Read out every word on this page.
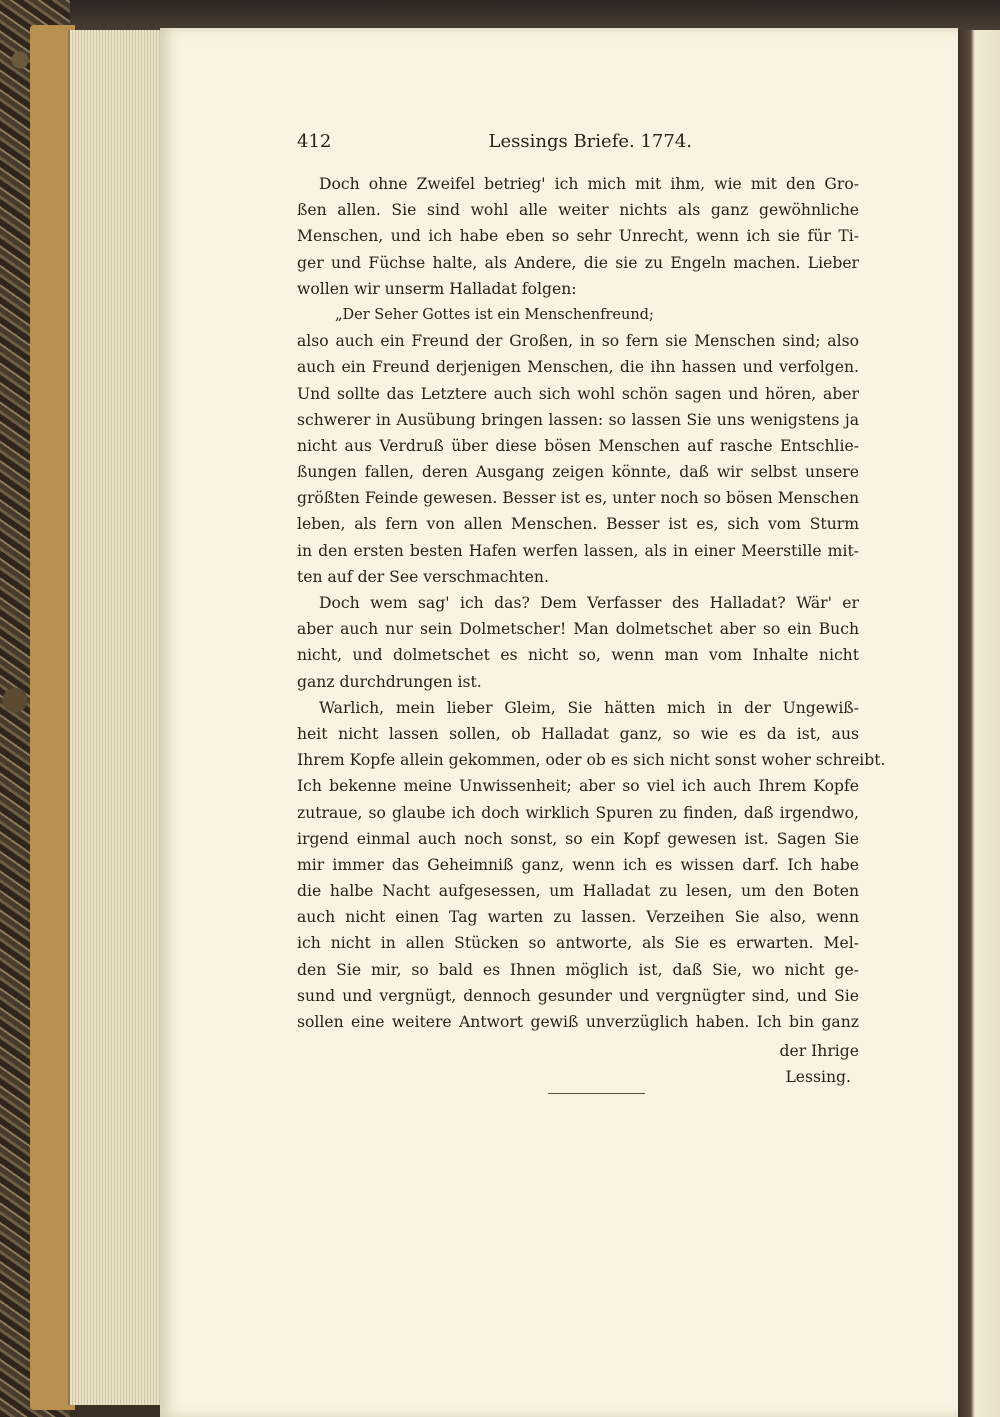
412	Lessings Briefe. 1774.
Doch ohne Zweifel betrieg' ich mich mit ihm, wie mit den Gro-
ßen allen. Sie sind wohl alle weiter nichts als ganz gewöhnliche
Menschen, und ich habe eben so sehr Unrecht, wenn ich sie für Ti-
ger und Füchse halte, als Andere, die sie zu Engeln machen. Lieber
wollen wir unserm Halladat folgen:
„Der Seher Gottes ist ein Menschenfreund;
also auch ein Freund der Großen, in so fern sie Menschen sind; also
auch ein Freund derjenigen Menschen, die ihn hassen und verfolgen.
Und sollte das Letztere auch sich wohl schön sagen und hören, aber
schwerer in Ausübung bringen lassen: so lassen Sie uns wenigstens ja
nicht aus Verdruß über diese bösen Menschen auf rasche Entschlie-
ßungen fallen, deren Ausgang zeigen könnte, daß wir selbst unsere
größten Feinde gewesen. Besser ist es, unter noch so bösen Menschen
leben, als fern von allen Menschen. Besser ist es, sich vom Sturm
in den ersten besten Hafen werfen lassen, als in einer Meerstille mit-
ten auf der See verschmachten.
Doch wem sag' ich das? Dem Verfasser des Halladat? Wär' er
aber auch nur sein Dolmetscher! Man dolmetschet aber so ein Buch
nicht, und dolmetschet es nicht so, wenn man vom Inhalte nicht
ganz durchdrungen ist.
Warlich, mein lieber Gleim, Sie hätten mich in der Ungewiß-
heit nicht lassen sollen, ob Halladat ganz, so wie es da ist, aus
Ihrem Kopfe allein gekommen, oder ob es sich nicht sonst woher schreibt.
Ich bekenne meine Unwissenheit; aber so viel ich auch Ihrem Kopfe
zutraue, so glaube ich doch wirklich Spuren zu finden, daß irgendwo,
irgend einmal auch noch sonst, so ein Kopf gewesen ist. Sagen Sie
mir immer das Geheimniß ganz, wenn ich es wissen darf. Ich habe
die halbe Nacht aufgesessen, um Halladat zu lesen, um den Boten
auch nicht einen Tag warten zu lassen. Verzeihen Sie also, wenn
ich nicht in allen Stücken so antworte, als Sie es erwarten. Mel-
den Sie mir, so bald es Ihnen möglich ist, daß Sie, wo nicht ge-
sund und vergnügt, dennoch gesunder und vergnügter sind, und Sie
sollen eine weitere Antwort gewiß unverzüglich haben. Ich bin ganz
der Ihrige
Lessing.
